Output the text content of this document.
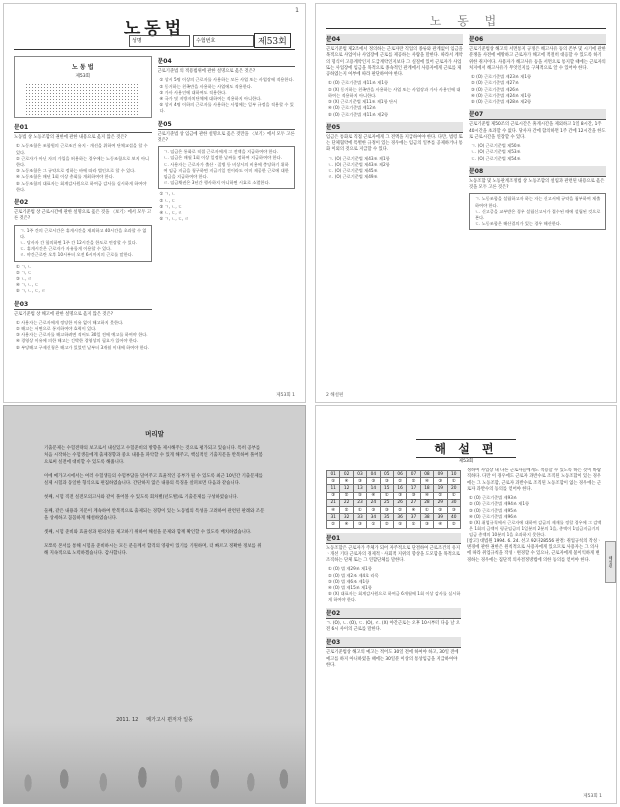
1
노동법
성명	수험번호	제53회
노 동 법
제53회
문01

노동법 상 노동조합의 권한에 관한 내용으로 옳지 않은 것은?

① 노동조합은 조합원의 근로조건 유지ㆍ개선을 위하여 단체교섭을 할 수 있다.

② 근로자가 아닌 자의 가입을 허용하는 경우에는 노동조합으로 보지 아니한다.

③ 노동조합은 그 규약으로 정하는 바에 따라 법인으로 할 수 있다.

④ 노동조합은 매년 1회 이상 총회를 개최하여야 한다.

⑤ 노동조합의 대표자는 회계감사원으로 하여금 감사를 실시하게 하여야 한다.

문02

근로기준법 상 근로시간에 관한 설명으로 옳은 것을 〈보기〉에서 모두 고른 것은?

ㄱ. 1주 간의 근로시간은 휴게시간을 제외하고 40시간을 초과할 수 없다.

ㄴ. 당사자 간 합의하면 1주 간 12시간을 한도로 연장할 수 있다.

ㄷ. 휴게시간은 근로자가 자유롭게 이용할 수 있다.

ㄹ. 야간근로란 오후 10시부터 오전 6시까지의 근로를 말한다.

① ㄱ, ㄴ

② ㄱ, ㄷ

③ ㄴ, ㄹ

④ ㄱ, ㄴ, ㄷ

⑤ ㄱ, ㄴ, ㄷ, ㄹ

문03

근로기준법 상 해고에 관한 설명으로 옳지 않은 것은?

① 사용자는 근로자에게 정당한 이유 없이 해고하지 못한다.

② 해고는 서면으로 통지하여야 효력이 있다.

③ 사용자는 근로자를 해고하려면 적어도 30일 전에 예고를 하여야 한다.

④ 경영상 이유에 의한 해고는 긴박한 경영상의 필요가 있어야 한다.

⑤ 부당해고 구제신청은 해고가 있었던 날부터 3개월 이내에 하여야 한다.

문04

근로기준법 의 적용범위에 관한 설명으로 옳은 것은?

① 상시 5명 이상의 근로자를 사용하는 모든 사업 또는 사업장에 적용한다.

② 동거하는 친족만을 사용하는 사업에도 적용한다.

③ 가사 사용인에 대하여도 적용한다.

④ 국가 및 지방자치단체에 대하여는 적용하지 아니한다.

⑤ 상시 4명 이하의 근로자를 사용하는 사업에는 일부 규정을 적용할 수 있다.

문05

근로기준법 상 임금에 관한 설명으로 옳은 것만을 〈보기〉에서 모두 고른 것은?

ㄱ. 임금은 통화로 직접 근로자에게 그 전액을 지급하여야 한다.

ㄴ. 임금은 매월 1회 이상 일정한 날짜를 정하여 지급하여야 한다.

ㄷ. 사용자는 근로자가 출산ㆍ질병 등 비상시의 비용에 충당하기 위하여 임금 지급을 청구하면 지급기일 전이라도 이미 제공한 근로에 대한 임금을 지급하여야 한다.

ㄹ. 임금채권은 3년간 행사하지 아니하면 시효로 소멸한다.

① ㄱ, ㄴ

② ㄴ, ㄷ

③ ㄱ, ㄴ, ㄷ

④ ㄴ, ㄷ, ㄹ

⑤ ㄱ, ㄴ, ㄷ, ㄹ

제53회 1
노 동 법
문04

근로기준법 제2조에서 정의하는 근로자란 직업의 종류와 관계없이 임금을 목적으로 사업이나 사업장에 근로를 제공하는 사람을 말한다. 따라서 계약의 형식이 고용계약인지 도급계약인지보다 그 실질에 있어 근로자가 사업 또는 사업장에 임금을 목적으로 종속적인 관계에서 사용자에게 근로를 제공하였는지 여부에 따라 판단하여야 한다.

① (O) 근로기준법 제11조 제1항

② (X) 동거하는 친족만을 사용하는 사업 또는 사업장과 가사 사용인에 대하여는 적용하지 아니한다.

③ (X) 근로기준법 제11조 제1항 단서

④ (O) 근로기준법 제12조

⑤ (O) 근로기준법 제11조 제2항

문05

임금은 통화로 직접 근로자에게 그 전액을 지급하여야 한다. 다만, 법령 또는 단체협약에 특별한 규정이 있는 경우에는 임금의 일부를 공제하거나 통화 이외의 것으로 지급할 수 있다.

ㄱ. (O) 근로기준법 제43조 제1항

ㄴ. (O) 근로기준법 제43조 제2항

ㄷ. (O) 근로기준법 제45조

ㄹ. (O) 근로기준법 제49조

문06

근로기준법상 해고의 서면통지 규정은 해고사유 등의 존부 및 시기에 관한 분쟁을 사전에 예방하고 근로자가 해고에 적절히 대응할 수 있도록 하기 위한 취지이다. 사용자가 해고사유 등을 서면으로 통지할 때에는 근로자의 처지에서 해고사유가 무엇인지를 구체적으로 알 수 있어야 한다.

① (O) 근로기준법 제23조 제1항

② (O) 근로기준법 제27조

③ (O) 근로기준법 제26조

④ (O) 근로기준법 제24조 제1항

⑤ (O) 근로기준법 제28조 제2항

문07

근로기준법 제50조의 근로시간은 휴게시간을 제외하고 1일 8시간, 1주 40시간을 초과할 수 없다. 당사자 간에 합의하면 1주 간에 12시간을 한도로 근로시간을 연장할 수 있다.

ㄱ. (O) 근로기준법 제50조

ㄴ. (O) 근로기준법 제53조

ㄷ. (O) 근로기준법 제54조

문08

노동조합 및 노동관계조정법 상 노동조합의 설립과 관련된 내용으로 옳은 것을 모두 고른 것은?

ㄱ. 노동조합을 설립하고자 하는 자는 신고서에 규약을 첨부하여 제출하여야 한다.

ㄴ. 신고증을 교부받은 경우 설립신고서가 접수된 때에 설립된 것으로 본다.

ㄷ. 노동조합은 해산결의가 있는 경우 해산한다.

2 해설편
머리말

기출문제는 수험전략의 보고로서 내실있고 수험준비의 방향을 제시해주는 것으로 평가되고 있습니다. 특히 공부를 처음 시작하는 수험생들에게 출제경향과 중요 내용을 파악할 수 있게 해주고, 핵심적인 기출지문을 반복하여 풀어봄으로써 실전에 대비할 수 있도록 해줍니다.

이에 메가고시에서는 여러 수험생들의 수험부담을 덜어주고 효율적인 공부가 될 수 있도록 최근 10년간 기출문제를 실제 시험과 동일한 형식으로 편집하였습니다. 간단하지 않은 내용의 특징을 살펴보면 다음과 같습니다.

첫째, 시험 직전 실전모의고사와 같이 풀어볼 수 있도록 회차별(년도별)로 기출문제를 구성하였습니다.

둘째, 같은 내용과 지문이 계속하여 반복적으로 출제되는 경향이 있는 노동법의 특성을 고려하여 관련된 판례와 조문을 상세하고 꼼꼼하게 해설하였습니다.

셋째, 시험 준비와 효율성과 편의성을 제고하기 위하여 해설을 문제와 함께 확인할 수 있도록 배치하였습니다.

모쪼록 본서를 통해 시험을 준비하시는 모든 분들께서 합격의 영광이 있기를 기원하며, 더 빠르고 정확한 정보를 위해 지속적으로 노력하겠습니다. 감사합니다.

2011. 12 메가고시 편저자 일동
해 설 편
제53회
01	02	03	04	05	06	07	08	09	10
⑤	④	③	⑤	③	②	②	④	③	①
11	12	13	14	15	16	17	18	19	20
③	②	⑤	④	①	③	③	④	②	①
21	22	23	24	25	26	27	28	29	30
④	②	①	⑤	③	②	④	①	⑤	③
31	32	33	34	35	36	37	38	39	40
②	④	③	①	②	⑤	①	③	④	②
문01

노동조합은 근로자가 주체가 되어 자주적으로 단결하여 근로조건의 유지ㆍ개선 기타 근로자의 경제적ㆍ사회적 지위의 향상을 도모함을 목적으로 조직하는 단체 또는 그 연합단체를 말한다.

① (O) 법 제29조 제1항

② (O) 법 제2조 제4호 라목

③ (O) 법 제6조 제1항

④ (O) 법 제15조 제1항

⑤ (X) 대표자는 회계감사원으로 하여금 6개월에 1회 이상 감사를 실시하게 하여야 한다.

문02

ㄱ. (O), ㄴ. (O), ㄷ. (O), ㄹ. (X) 야간근로는 오후 10시부터 다음 날 오전 6시 사이의 근로를 말한다.

문03

근로기준법상 해고의 예고는 적어도 30일 전에 하여야 하고, 30일 전에 예고를 하지 아니하였을 때에는 30일분 이상의 통상임금을 지급하여야 한다.

정하여 사업장 내 다른 근로자들에게도 적용할 수 있도록 하는 것이 바람직하다. 다만 이 경우에도 근로자 과반수로 조직된 노동조합이 있는 경우에는 그 노동조합, 근로자 과반수로 조직된 노동조합이 없는 경우에는 근로자 과반수의 동의를 얻어야 한다.

① (O) 근로기준법 제93조

② (O) 근로기준법 제94조 제1항

③ (O) 근로기준법 제95조

④ (O) 근로기준법 제96조

⑤ (X) 취업규칙에서 근로자에 대하여 감급의 제재를 정할 경우에 그 감액은 1회의 금액이 평균임금의 1일분의 2분의 1을, 총액이 1임금지급기의 임금 총액의 10분의 1을 초과하지 못한다.

[참고] 대법원 1994. 6. 24. 선고 92다28556 판결: 취업규칙의 작성ㆍ변경에 관한 권한은 원칙적으로 사용자에게 있으므로 사용자는 그 의사에 따라 취업규칙을 작성ㆍ변경할 수 있으나, 근로자에게 불이익하게 변경하는 경우에는 집단적 의사결정방법에 의한 동의를 얻어야 한다.	해설편
제53회 1
